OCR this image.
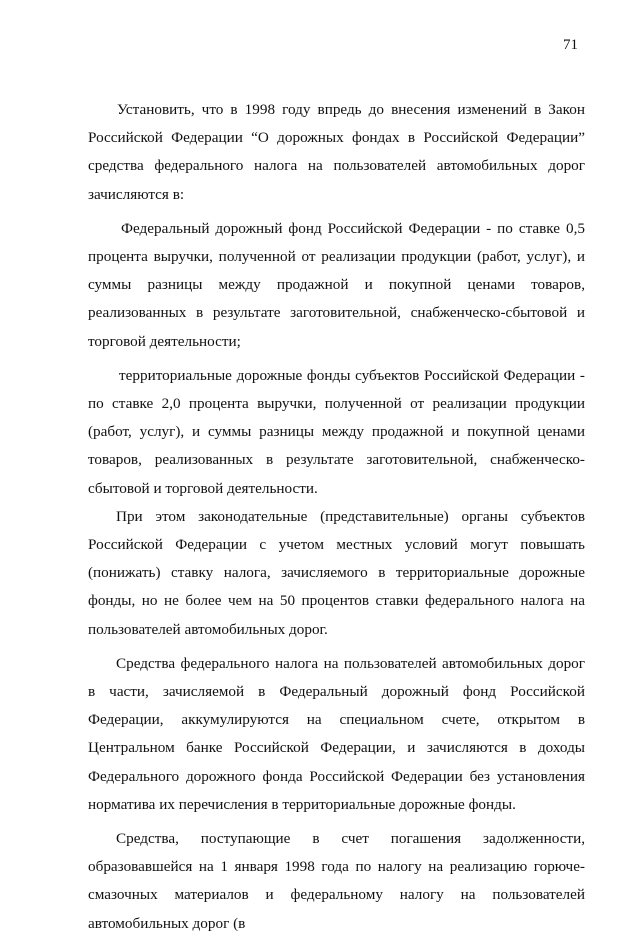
71

Установить, что в 1998 году впредь до внесения изменений в Закон Российской Федерации “О дорожных фондах в Российской Федерации” средства федерального налога на пользователей автомобильных дорог зачисляются в:

Федеральный дорожный фонд Российской Федерации - по ставке 0,5 процента выручки, полученной от реализации продукции (работ, услуг), и суммы разницы между продажной и покупной ценами товаров, реализованных в результате заготовительной, снабженческо-сбытовой и торговой деятельности;

территориальные дорожные фонды субъектов Российской Федерации - по ставке 2,0 процента выручки, полученной от реализации продукции (работ, услуг), и суммы разницы между продажной и покупной ценами товаров, реализованных в результате заготовительной, снабженческо-сбытовой и торговой деятельности.

При этом законодательные (представительные) органы субъектов Российской Федерации с учетом местных условий могут повышать (понижать) ставку налога, зачисляемого в территориальные дорожные фонды, но не более чем на 50 процентов ставки федерального налога на пользователей автомобильных дорог.

Средства федерального налога на пользователей автомобильных дорог в части, зачисляемой в Федеральный дорожный фонд Российской Федерации, аккумулируются на специальном счете, открытом в Центральном банке Российской Федерации, и зачисляются в доходы Федерального дорожного фонда Российской Федерации без установления норматива их перечисления в территориальные дорожные фонды.

Средства, поступающие в счет погашения задолженности, образовавшейся на 1 января 1998 года по налогу на реализацию горюче-смазочных материалов и федеральному налогу на пользователей автомобильных дорог (в
